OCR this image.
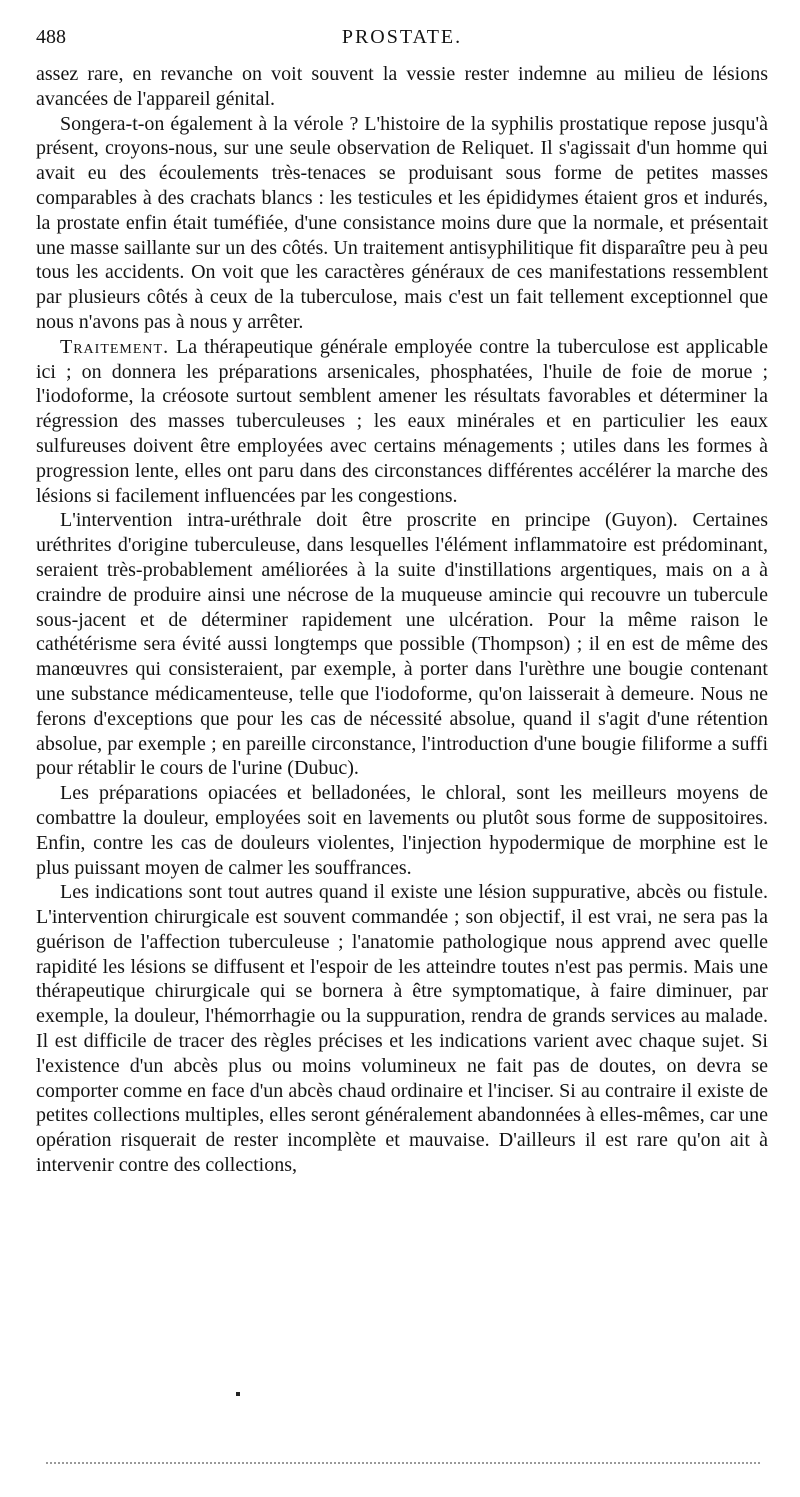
488	PROSTATE.

assez rare, en revanche on voit souvent la vessie rester indemne au milieu de lésions avancées de l'appareil génital.

Songera-t-on également à la vérole ? L'histoire de la syphilis prostatique repose jusqu'à présent, croyons-nous, sur une seule observation de Reliquet. Il s'agissait d'un homme qui avait eu des écoulements très-tenaces se produisant sous forme de petites masses comparables à des crachats blancs : les testicules et les épididymes étaient gros et indurés, la prostate enfin était tuméfiée, d'une consistance moins dure que la normale, et présentait une masse saillante sur un des côtés. Un traitement antisyphilitique fit disparaître peu à peu tous les accidents. On voit que les caractères généraux de ces manifestations ressemblent par plusieurs côtés à ceux de la tuberculose, mais c'est un fait tellement exceptionnel que nous n'avons pas à nous y arrêter.

Traitement. La thérapeutique générale employée contre la tuberculose est applicable ici ; on donnera les préparations arsenicales, phosphatées, l'huile de foie de morue ; l'iodoforme, la créosote surtout semblent amener les résultats favorables et déterminer la régression des masses tuberculeuses ; les eaux minérales et en particulier les eaux sulfureuses doivent être employées avec certains ménagements ; utiles dans les formes à progression lente, elles ont paru dans des circonstances différentes accélérer la marche des lésions si facilement influencées par les congestions.

L'intervention intra-uréthrale doit être proscrite en principe (Guyon). Certaines uréthrites d'origine tuberculeuse, dans lesquelles l'élément inflammatoire est prédominant, seraient très-probablement améliorées à la suite d'instillations argentiques, mais on a à craindre de produire ainsi une nécrose de la muqueuse amincie qui recouvre un tubercule sous-jacent et de déterminer rapidement une ulcération. Pour la même raison le cathétérisme sera évité aussi longtemps que possible (Thompson) ; il en est de même des manœuvres qui consisteraient, par exemple, à porter dans l'urèthre une bougie contenant une substance médicamenteuse, telle que l'iodoforme, qu'on laisserait à demeure. Nous ne ferons d'exceptions que pour les cas de nécessité absolue, quand il s'agit d'une rétention absolue, par exemple ; en pareille circonstance, l'introduction d'une bougie filiforme a suffi pour rétablir le cours de l'urine (Dubuc).

Les préparations opiacées et belladonées, le chloral, sont les meilleurs moyens de combattre la douleur, employées soit en lavements ou plutôt sous forme de suppositoires. Enfin, contre les cas de douleurs violentes, l'injection hypodermique de morphine est le plus puissant moyen de calmer les souffrances.

Les indications sont tout autres quand il existe une lésion suppurative, abcès ou fistule. L'intervention chirurgicale est souvent commandée ; son objectif, il est vrai, ne sera pas la guérison de l'affection tuberculeuse ; l'anatomie pathologique nous apprend avec quelle rapidité les lésions se diffusent et l'espoir de les atteindre toutes n'est pas permis. Mais une thérapeutique chirurgicale qui se bornera à être symptomatique, à faire diminuer, par exemple, la douleur, l'hémorrhagie ou la suppuration, rendra de grands services au malade. Il est difficile de tracer des règles précises et les indications varient avec chaque sujet. Si l'existence d'un abcès plus ou moins volumineux ne fait pas de doutes, on devra se comporter comme en face d'un abcès chaud ordinaire et l'inciser. Si au contraire il existe de petites collections multiples, elles seront généralement abandonnées à elles-mêmes, car une opération risquerait de rester incomplète et mauvaise. D'ailleurs il est rare qu'on ait à intervenir contre des collections,
